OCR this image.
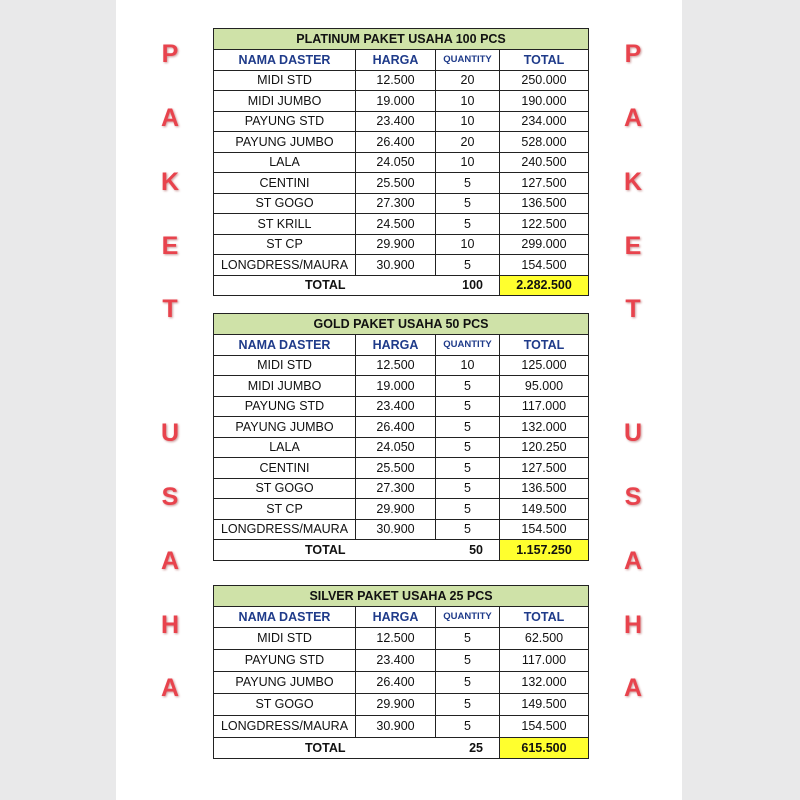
P
A
K
E
T
U
S
A
H
A
P
A
K
E
T
U
S
A
H
A
PLATINUM PAKET USAHA 100 PCS			
NAMA DASTER	HARGA	QUANTITY	TOTAL
MIDI STD	12.500	20	250.000
MIDI JUMBO	19.000	10	190.000
PAYUNG STD	23.400	10	234.000
PAYUNG JUMBO	26.400	20	528.000
LALA	24.050	10	240.500
CENTINI	25.500	5	127.500
ST GOGO	27.300	5	136.500
ST KRILL	24.500	5	122.500
ST CP	29.900	10	299.000
LONGDRESS/MAURA	30.900	5	154.500
TOTAL		100	2.282.500
GOLD PAKET USAHA 50 PCS			
NAMA DASTER	HARGA	QUANTITY	TOTAL
MIDI STD	12.500	10	125.000
MIDI JUMBO	19.000	5	95.000
PAYUNG STD	23.400	5	117.000
PAYUNG JUMBO	26.400	5	132.000
LALA	24.050	5	120.250
CENTINI	25.500	5	127.500
ST GOGO	27.300	5	136.500
ST CP	29.900	5	149.500
LONGDRESS/MAURA	30.900	5	154.500
TOTAL		50	1.157.250
SILVER PAKET USAHA 25 PCS			
NAMA DASTER	HARGA	QUANTITY	TOTAL
MIDI STD	12.500	5	62.500
PAYUNG STD	23.400	5	117.000
PAYUNG JUMBO	26.400	5	132.000
ST GOGO	29.900	5	149.500
LONGDRESS/MAURA	30.900	5	154.500
TOTAL		25	615.500
